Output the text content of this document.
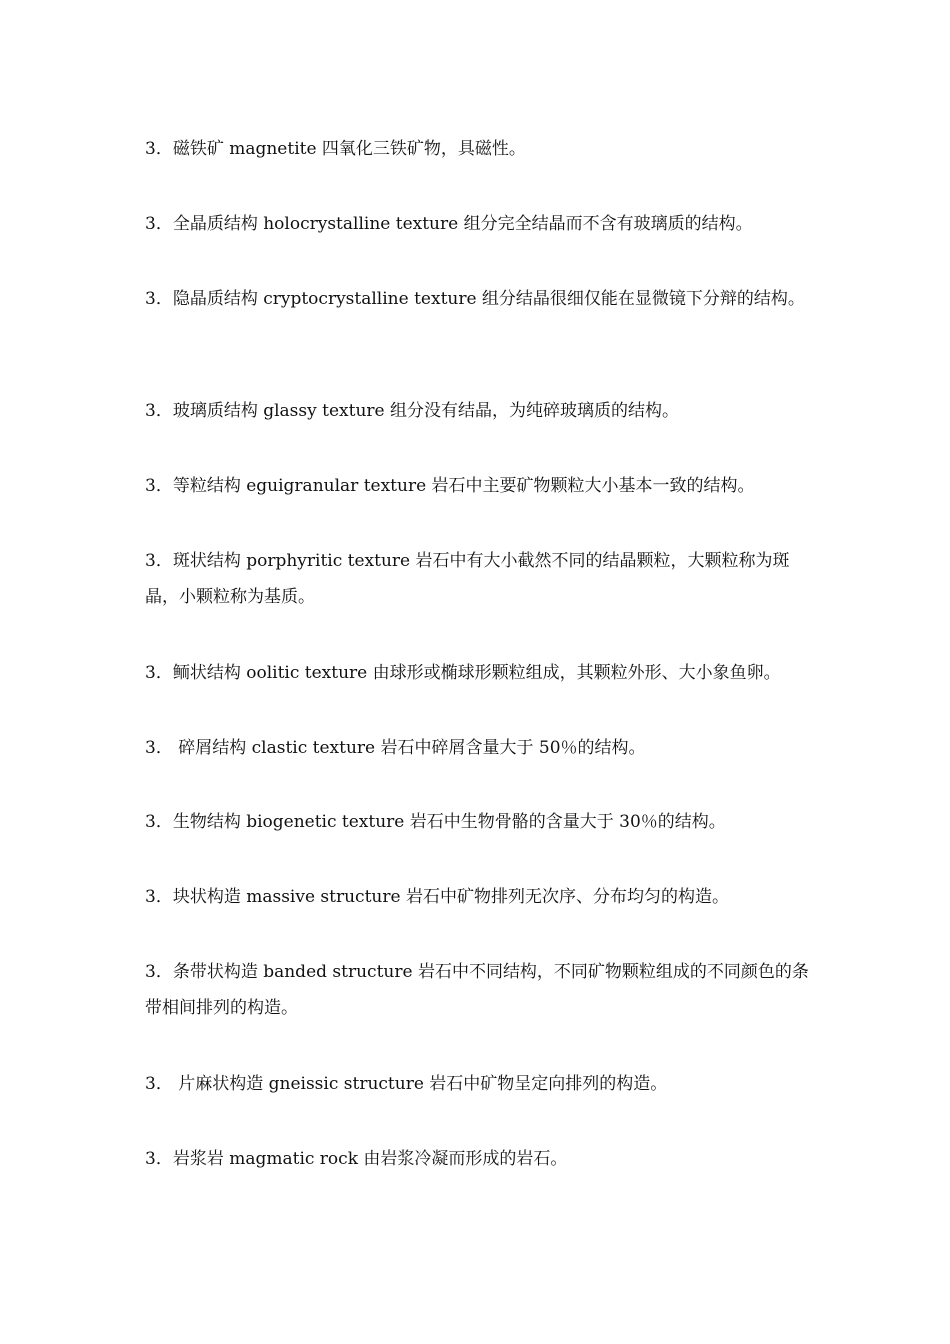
3．磁铁矿 magnetite 四氧化三铁矿物，具磁性。

3．全晶质结构 holocrystalline texture 组分完全结晶而不含有玻璃质的结构。

3．隐晶质结构 cryptocrystalline texture 组分结晶很细仅能在显微镜下分辩的结构。

3．玻璃质结构 glassy texture 组分没有结晶，为纯碎玻璃质的结构。

3．等粒结构 eguigranular texture 岩石中主要矿物颗粒大小基本一致的结构。

3．斑状结构 porphyritic texture 岩石中有大小截然不同的结晶颗粒，大颗粒称为斑晶，小颗粒称为基质。

3．鲕状结构 oolitic texture 由球形或椭球形颗粒组成，其颗粒外形、大小象鱼卵。

3． 碎屑结构 clastic texture 岩石中碎屑含量大于 50％的结构。

3．生物结构 biogenetic texture 岩石中生物骨骼的含量大于 30％的结构。

3．块状构造 massive structure 岩石中矿物排列无次序、分布均匀的构造。

3．条带状构造 banded structure 岩石中不同结构，不同矿物颗粒组成的不同颜色的条带相间排列的构造。

3． 片麻状构造 gneissic structure 岩石中矿物呈定向排列的构造。

3．岩浆岩 magmatic rock 由岩浆冷凝而形成的岩石。
